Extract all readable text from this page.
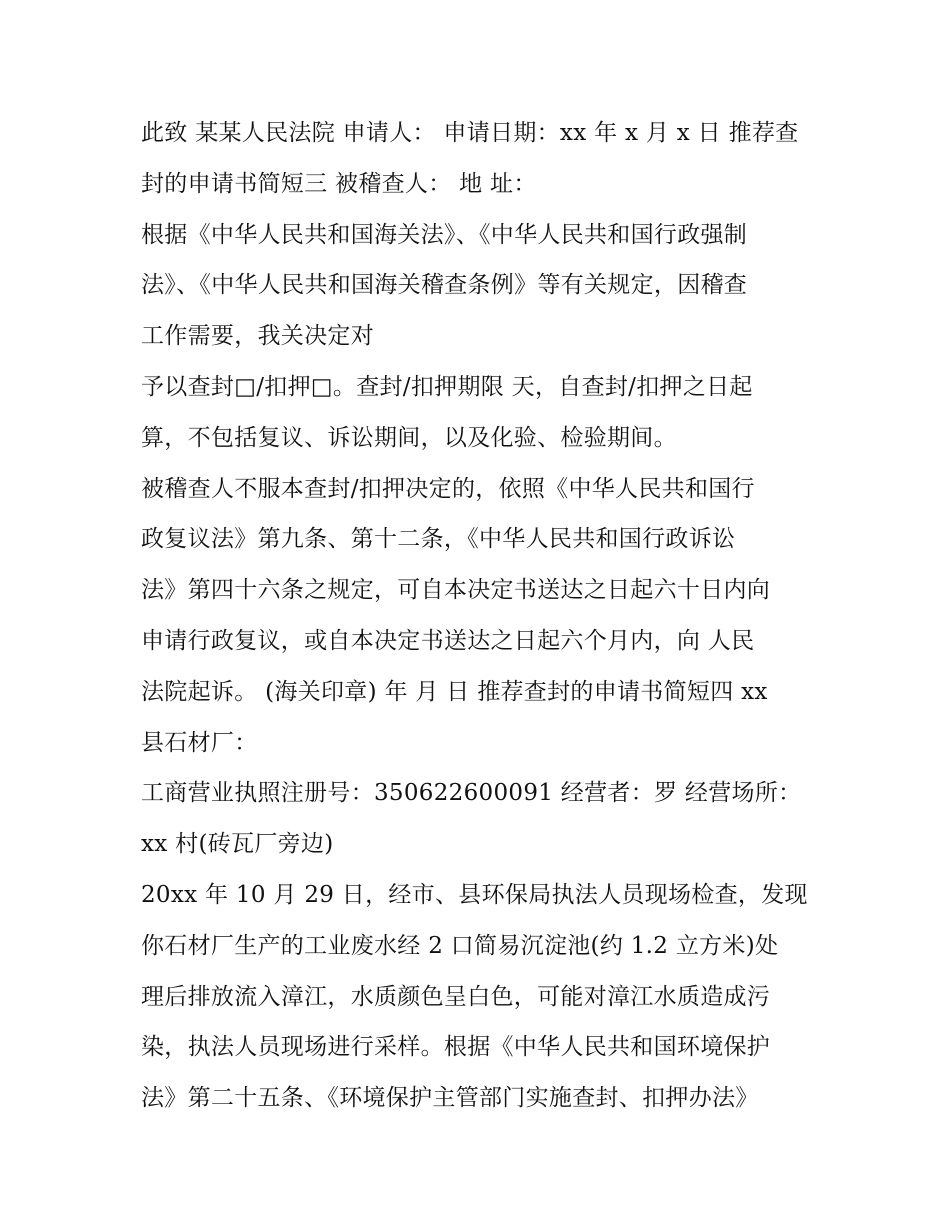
此致 某某人民法院 申请人： 申请日期：xx 年 x 月 x 日 推荐查
封的申请书简短三 被稽查人： 地 址：
根据《中华人民共和国海关法》、《中华人民共和国行政强制
法》、《中华人民共和国海关稽查条例》等有关规定，因稽查
工作需要，我关决定对
予以查封□/扣押□。查封/扣押期限 天，自查封/扣押之日起
算，不包括复议、诉讼期间，以及化验、检验期间。
被稽查人不服本查封/扣押决定的，依照《中华人民共和国行
政复议法》第九条、第十二条，《中华人民共和国行政诉讼
法》第四十六条之规定，可自本决定书送达之日起六十日内向
申请行政复议，或自本决定书送达之日起六个月内，向 人民
法院起诉。 (海关印章) 年 月 日 推荐查封的申请书简短四 xx
县石材厂：
工商营业执照注册号：350622600091 经营者：罗 经营场所：
xx 村(砖瓦厂旁边)
20xx 年 10 月 29 日，经市、县环保局执法人员现场检查，发现
你石材厂生产的工业废水经 2 口简易沉淀池(约 1.2 立方米)处
理后排放流入漳江，水质颜色呈白色，可能对漳江水质造成污
染，执法人员现场进行采样。根据《中华人民共和国环境保护
法》第二十五条、《环境保护主管部门实施查封、扣押办法》
